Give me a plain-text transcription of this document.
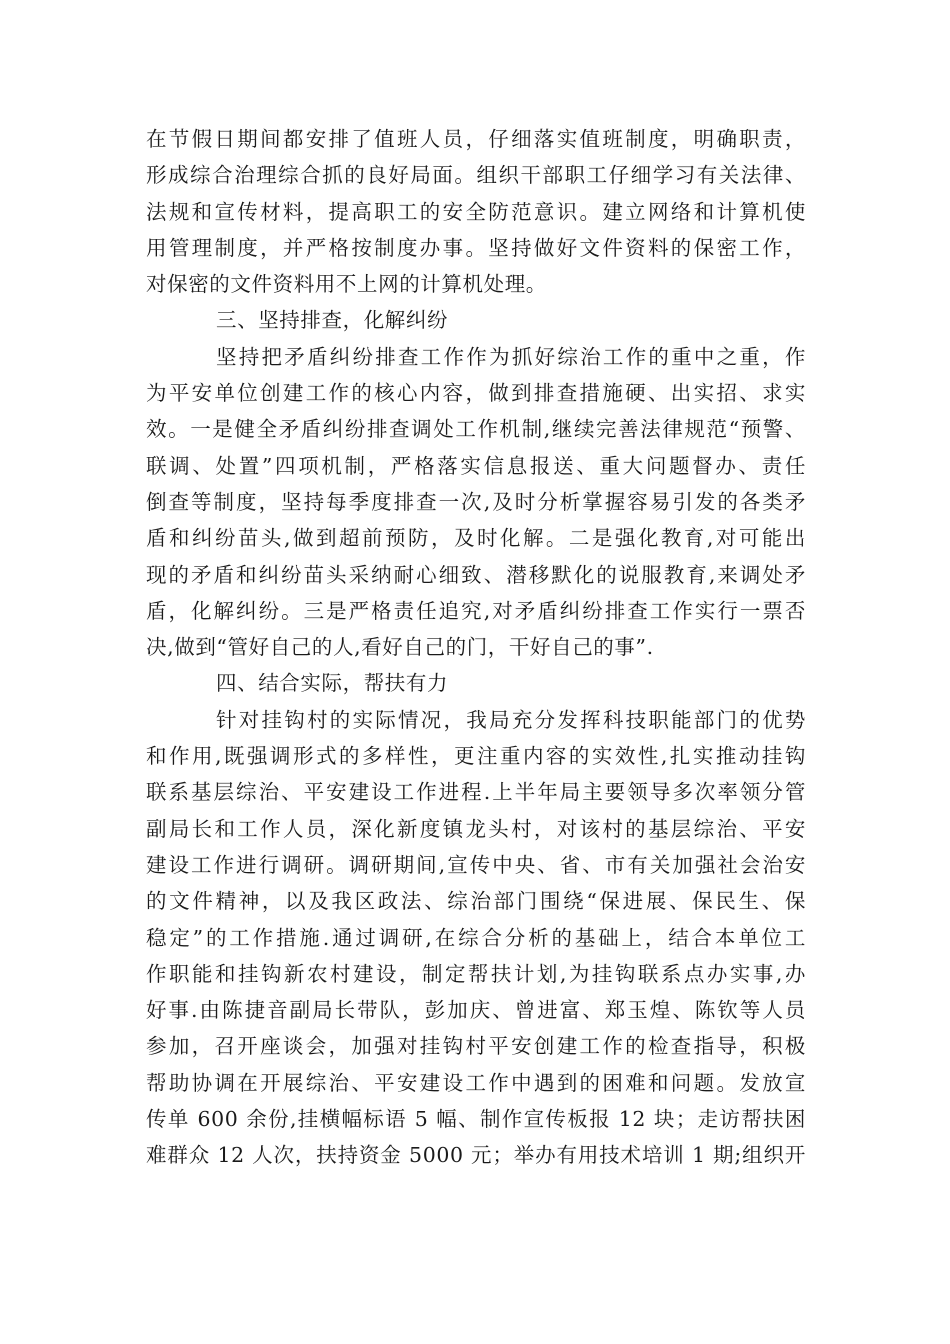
在节假日期间都安排了值班人员，仔细落实值班制度，明确职责，
形成综合治理综合抓的良好局面。组织干部职工仔细学习有关法律、
法规和宣传材料，提高职工的安全防范意识。建立网络和计算机使
用管理制度，并严格按制度办事。坚持做好文件资料的保密工作，
对保密的文件资料用不上网的计算机处理。
三、坚持排查，化解纠纷
坚持把矛盾纠纷排查工作作为抓好综治工作的重中之重，作
为平安单位创建工作的核心内容，做到排查措施硬、出实招、求实
效。一是健全矛盾纠纷排查调处工作机制,继续完善法律规范“预警、
联调、处置”四项机制，严格落实信息报送、重大问题督办、责任
倒查等制度，坚持每季度排查一次,及时分析掌握容易引发的各类矛
盾和纠纷苗头,做到超前预防，及时化解。二是强化教育,对可能出
现的矛盾和纠纷苗头采纳耐心细致、潜移默化的说服教育,来调处矛
盾，化解纠纷。三是严格责任追究,对矛盾纠纷排查工作实行一票否
决,做到“管好自己的人,看好自己的门，干好自己的事”.
四、结合实际，帮扶有力
针对挂钩村的实际情况，我局充分发挥科技职能部门的优势
和作用,既强调形式的多样性，更注重内容的实效性,扎实推动挂钩
联系基层综治、平安建设工作进程.上半年局主要领导多次率领分管
副局长和工作人员，深化新度镇龙头村，对该村的基层综治、平安
建设工作进行调研。调研期间,宣传中央、省、市有关加强社会治安
的文件精神，以及我区政法、综治部门围绕“保进展、保民生、保
稳定”的工作措施.通过调研,在综合分析的基础上，结合本单位工
作职能和挂钩新农村建设，制定帮扶计划,为挂钩联系点办实事,办
好事.由陈捷音副局长带队，彭加庆、曾进富、郑玉煌、陈钦等人员
参加，召开座谈会，加强对挂钩村平安创建工作的检查指导，积极
帮助协调在开展综治、平安建设工作中遇到的困难和问题。发放宣
传单 600 余份,挂横幅标语 5 幅、制作宣传板报 12 块；走访帮扶困
难群众 12 人次，扶持资金 5000 元；举办有用技术培训 1 期;组织开
